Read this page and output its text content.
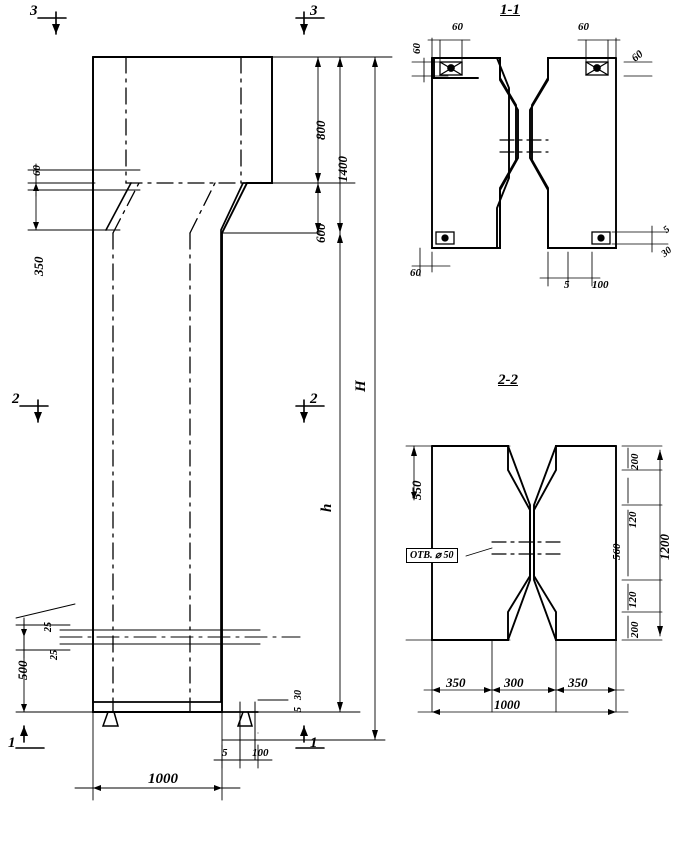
3	3
2	2
1	1
60
350
800
600
1400
H
h
500
25
25
1000
5 100
5
30
1-1
60
60
60
60
60
5 100
5
30
2-2
550
200
120
560
120
200
1200
350	300	350
1000
ОТВ. ⌀ 50
